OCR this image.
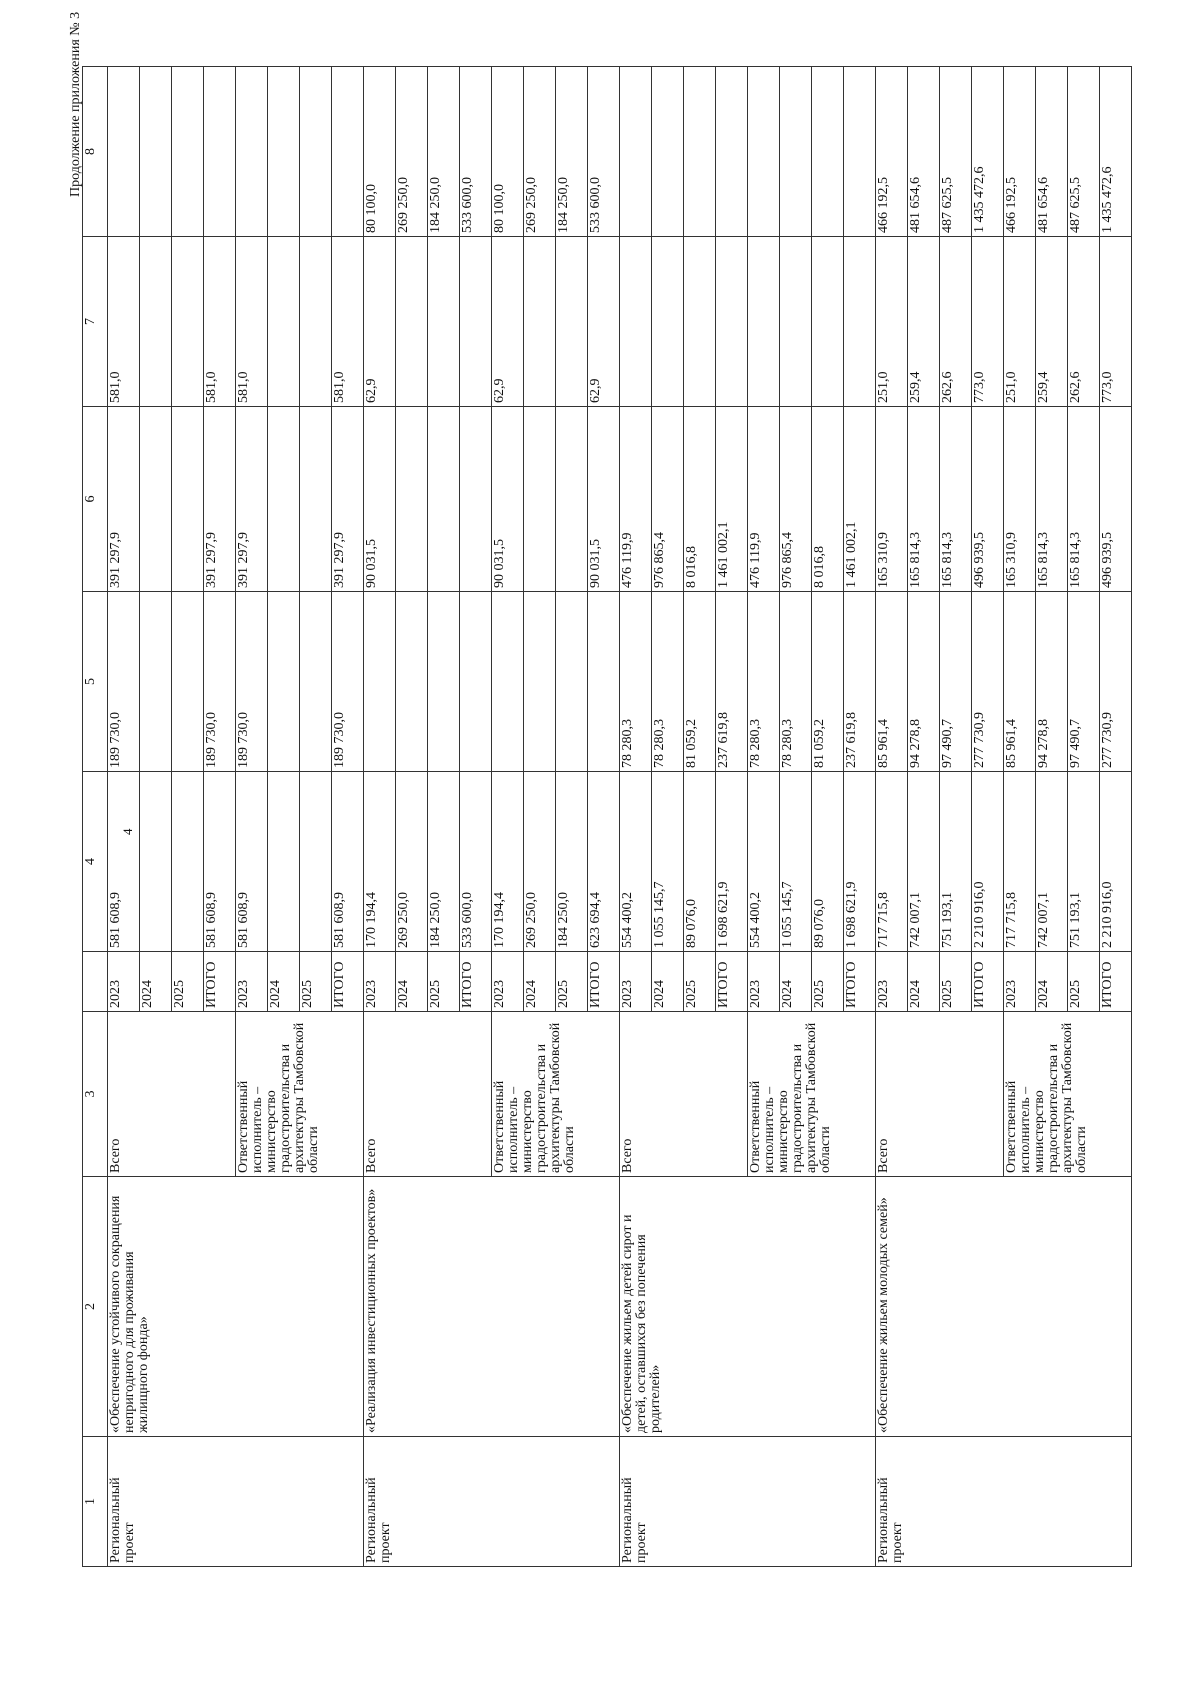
Продолжение приложения № 3
4
1	2	3		4	5	6	7	8
Региональный проект	«Обеспечение устойчивого сокращения непригодного для проживания жилищного фонда»	Всего	2023	581 608,9	189 730,0	391 297,9	581,0	
			2024					
			2025					
			ИТОГО	581 608,9	189 730,0	391 297,9	581,0	
		Ответственный исполнитель – министерство градостроительства и архитектуры Тамбовской области	2023	581 608,9	189 730,0	391 297,9	581,0	
			2024					
			2025					
			ИТОГО	581 608,9	189 730,0	391 297,9	581,0	
Региональный проект	«Реализация инвестиционных проектов»	Всего	2023	170 194,4		90 031,5	62,9	80 100,0
			2024	269 250,0				269 250,0
			2025	184 250,0				184 250,0
			ИТОГО	533 600,0				533 600,0
		Ответственный исполнитель – министерство градостроительства и архитектуры Тамбовской области	2023	170 194,4		90 031,5	62,9	80 100,0
			2024	269 250,0				269 250,0
			2025	184 250,0				184 250,0
			ИТОГО	623 694,4		90 031,5	62,9	533 600,0
Региональный проект	«Обеспечение жильем детей сирот и детей, оставшихся без попечения родителей»	Всего	2023	554 400,2	78 280,3	476 119,9		
			2024	1 055 145,7	78 280,3	976 865,4		
			2025	89 076,0	81 059,2	8 016,8		
			ИТОГО	1 698 621,9	237 619,8	1 461 002,1		
		Ответственный исполнитель – министерство градостроительства и архитектуры Тамбовской области	2023	554 400,2	78 280,3	476 119,9		
			2024	1 055 145,7	78 280,3	976 865,4		
			2025	89 076,0	81 059,2	8 016,8		
			ИТОГО	1 698 621,9	237 619,8	1 461 002,1		
Региональный проект	«Обеспечение жильем молодых семей»	Всего	2023	717 715,8	85 961,4	165 310,9	251,0	466 192,5
			2024	742 007,1	94 278,8	165 814,3	259,4	481 654,6
			2025	751 193,1	97 490,7	165 814,3	262,6	487 625,5
			ИТОГО	2 210 916,0	277 730,9	496 939,5	773,0	1 435 472,6
		Ответственный исполнитель – министерство градостроительства и архитектуры Тамбовской области	2023	717 715,8	85 961,4	165 310,9	251,0	466 192,5
			2024	742 007,1	94 278,8	165 814,3	259,4	481 654,6
			2025	751 193,1	97 490,7	165 814,3	262,6	487 625,5
			ИТОГО	2 210 916,0	277 730,9	496 939,5	773,0	1 435 472,6
